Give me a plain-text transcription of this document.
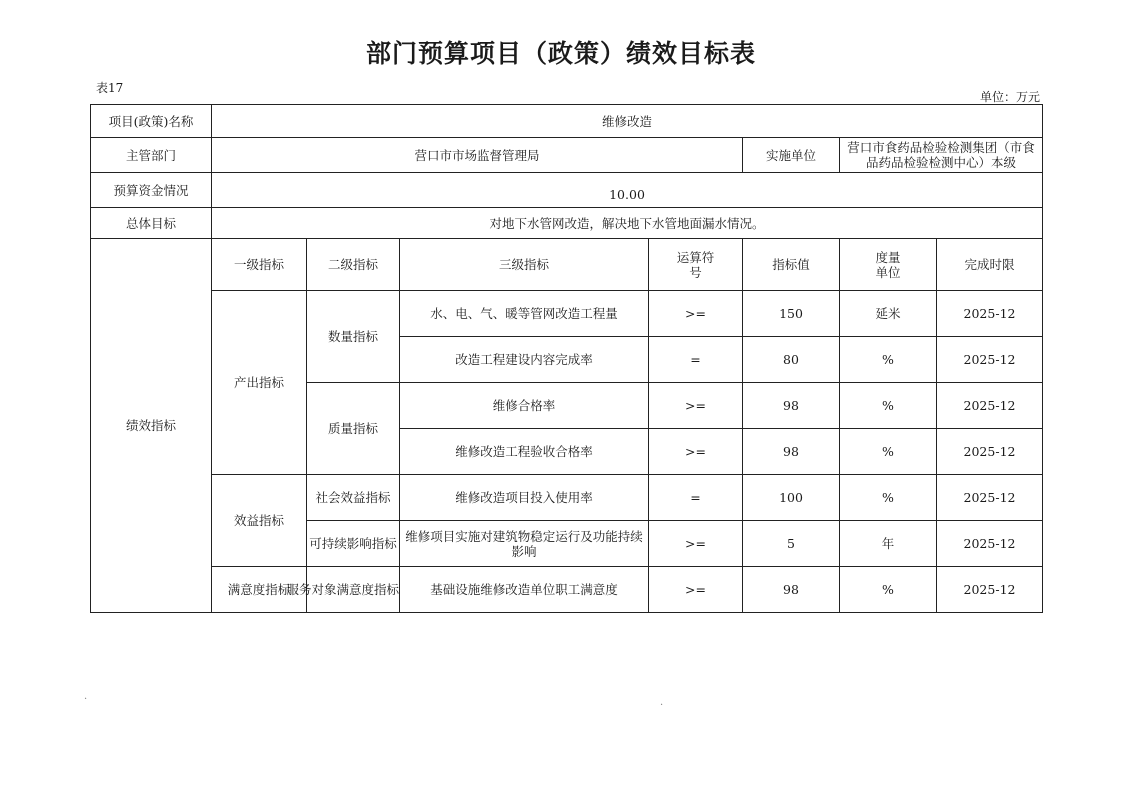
部门预算项目（政策）绩效目标表
表17
单位：万元
项目(政策)名称	维修改造						
主管部门	营口市市场监督管理局				实施单位	营口市食药品检验检测集团（市食品药品检验检测中心）本级	
预算资金情况	10.00						
总体目标	对地下水管网改造，解决地下水管地面漏水情况。						
绩效指标	一级指标	二级指标	三级指标	运算符号	指标值	度量单位	完成时限
	产出指标	数量指标	水、电、气、暖等管网改造工程量	>=	150	延米	2025-12
			改造工程建设内容完成率	=	80	%	2025-12
		质量指标	维修合格率	>=	98	%	2025-12
			维修改造工程验收合格率	>=	98	%	2025-12
	效益指标	社会效益指标	维修改造项目投入使用率	=	100	%	2025-12
		可持续影响指标	维修项目实施对建筑物稳定运行及功能持续影响	>=	5	年	2025-12
	满意度指标	服务对象满意度指标	基础设施维修改造单位职工满意度	>=	98	%	2025-12
·
·
